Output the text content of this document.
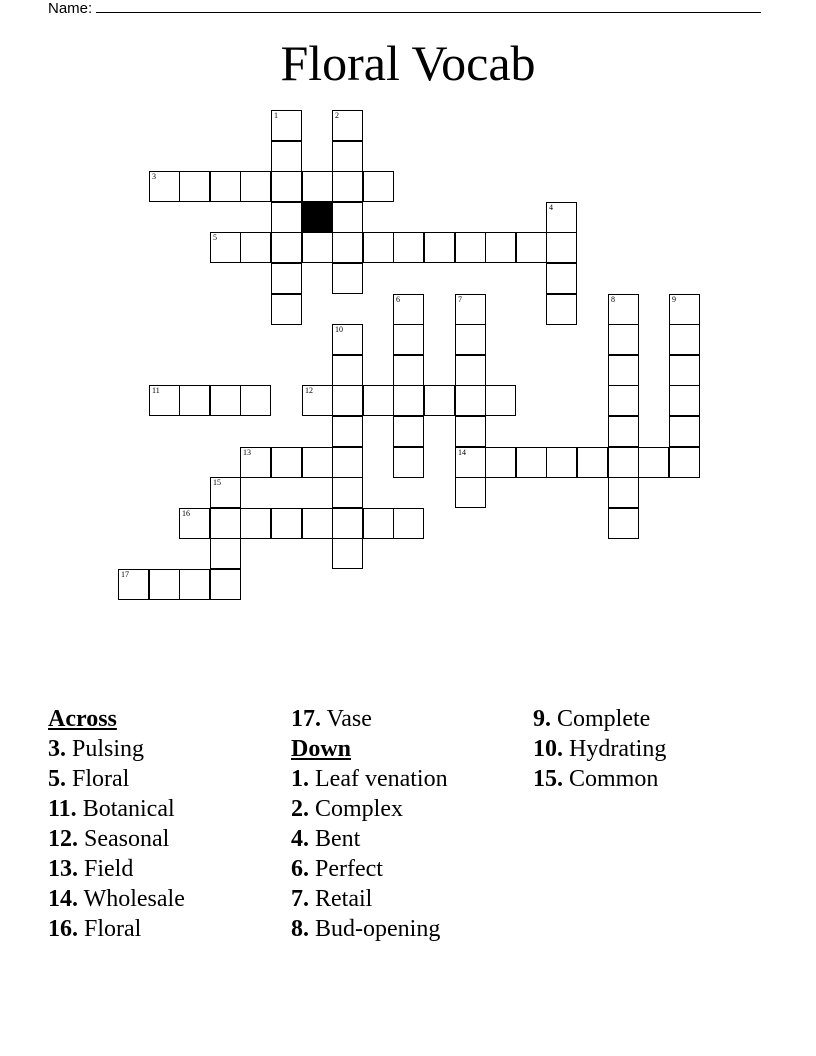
Name:
Floral Vocab
1	2
3
4
5
6	7	8	9
10
11	12
13	14
15
16
17
Across
3. Pulsing
5. Floral
11. Botanical
12. Seasonal
13. Field
14. Wholesale
16. Floral
17. Vase
Down
1. Leaf venation
2. Complex
4. Bent
6. Perfect
7. Retail
8. Bud-opening
9. Complete
10. Hydrating
15. Common
